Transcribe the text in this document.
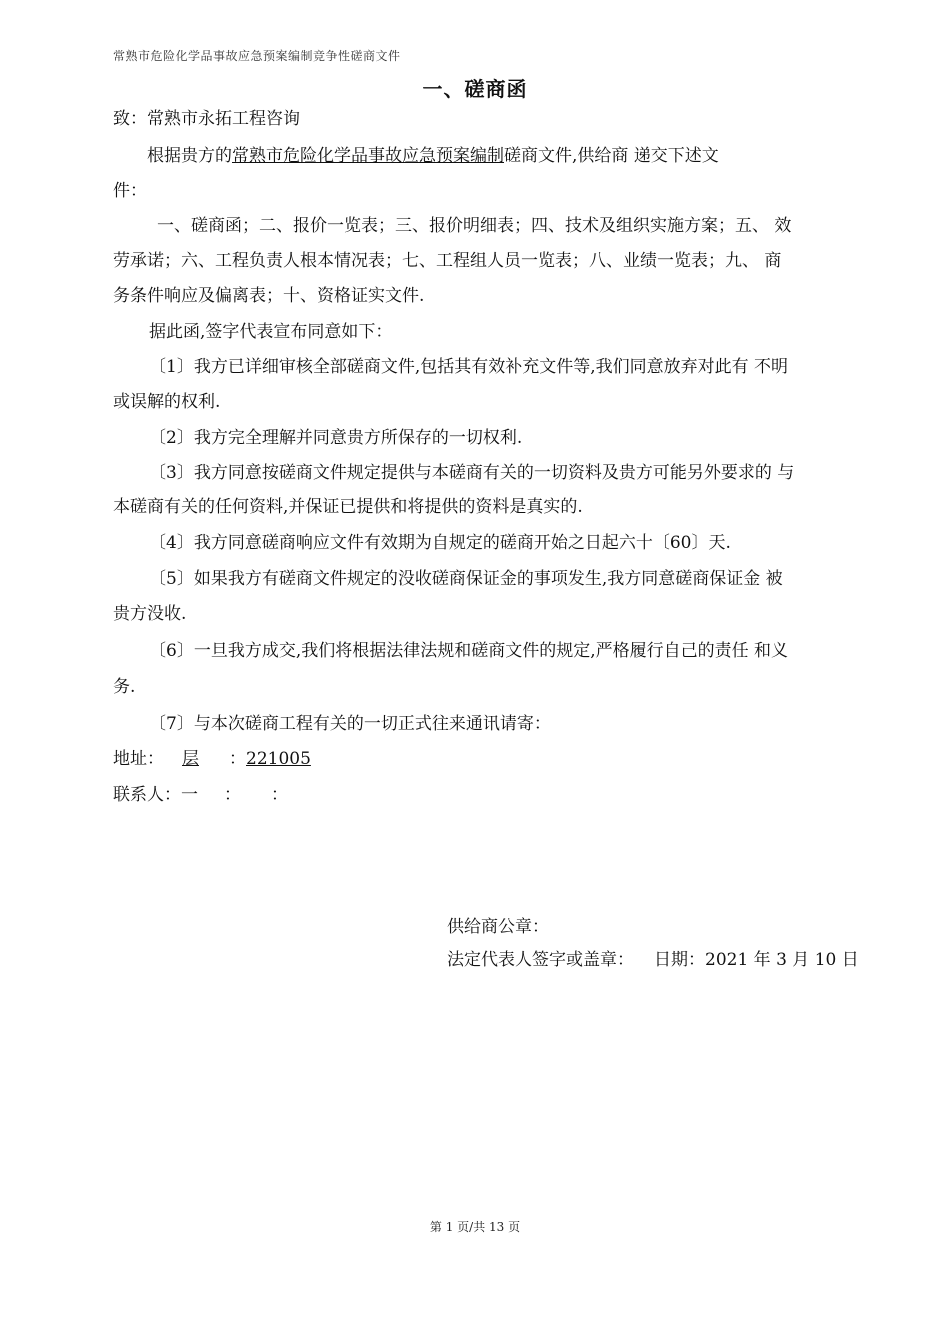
常熟市危险化学品事故应急预案编制竞争性磋商文件
一、磋商函
致：常熟市永拓工程咨询
根据贵方的常熟市危险化学品事故应急预案编制磋商文件,供给商 递交下述文
件：
一、磋商函；二、报价一览表；三、报价明细表；四、技术及组织实施方案；五、 效
劳承诺；六、工程负责人根本情况表；七、工程组人员一览表；八、业绩一览表；九、 商
务条件响应及偏离表；十、资格证实文件.
据此函,签字代表宣布同意如下：
〔1〕我方已详细审核全部磋商文件,包括其有效补充文件等,我们同意放弃对此有 不明
或误解的权利.
〔2〕我方完全理解并同意贵方所保存的一切权利.
〔3〕我方同意按磋商文件规定提供与本磋商有关的一切资料及贵方可能另外要求的 与
本磋商有关的任何资料,并保证已提供和将提供的资料是真实的.
〔4〕我方同意磋商响应文件有效期为自规定的磋商开始之日起六十〔60〕天.
〔5〕如果我方有磋商文件规定的没收磋商保证金的事项发生,我方同意磋商保证金 被
贵方没收.
〔6〕一旦我方成交,我们将根据法律法规和磋商文件的规定,严格履行自己的责任 和义
务.
〔7〕与本次磋商工程有关的一切正式往来通讯请寄：
地址： 层 ：221005
联系人：一 ： ：
供给商公章：
法定代表人签字或盖章： 日期：2021 年 3 月 10 日
第 1 页/共 13 页
